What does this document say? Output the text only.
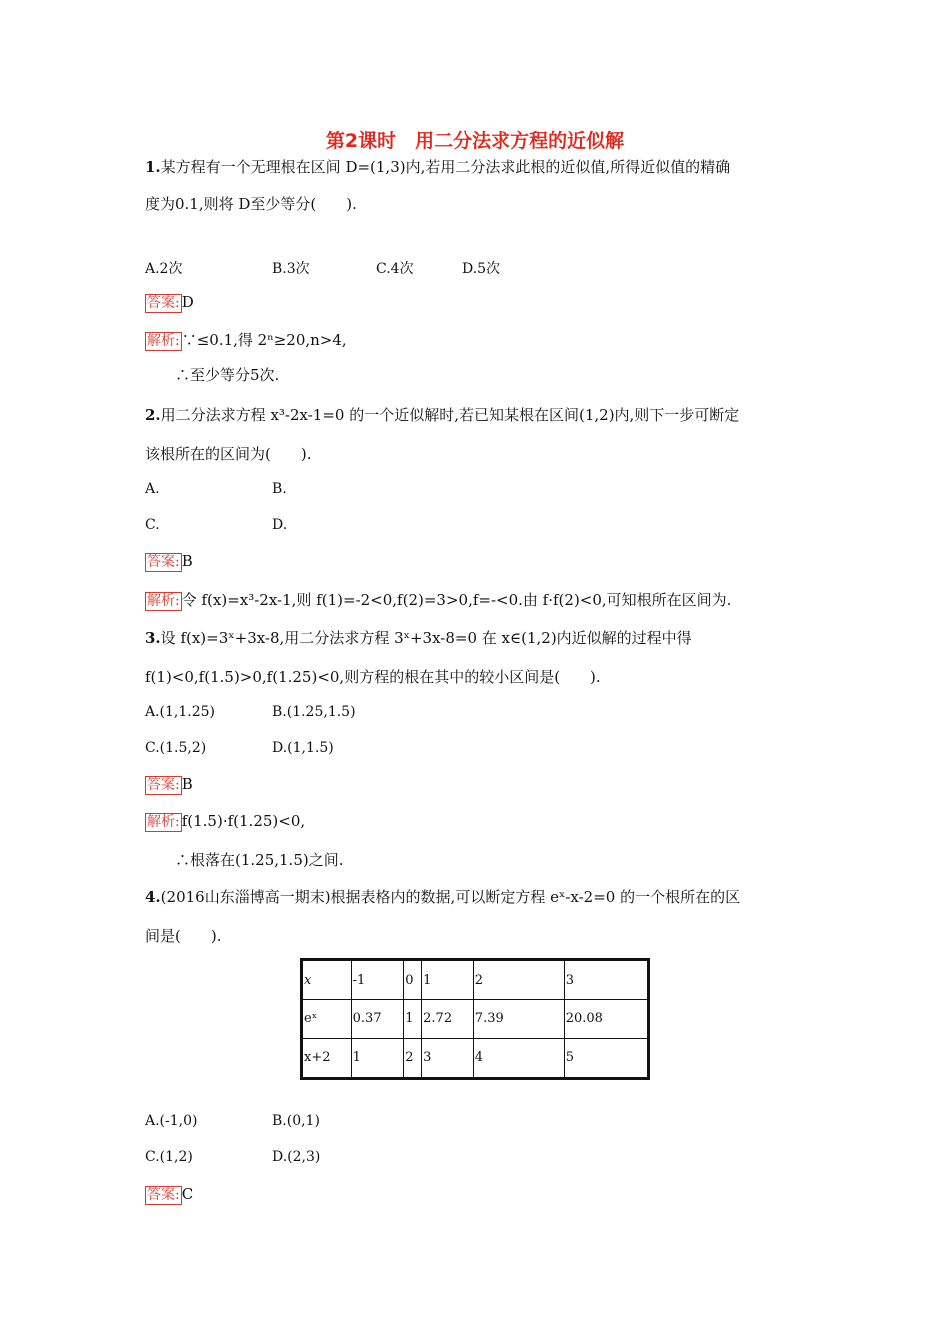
第2课时　用二分法求方程的近似解
1.某方程有一个无理根在区间 D=(1,3)内,若用二分法求此根的近似值,所得近似值的精确
度为0.1,则将 D至少等分(　　).
A.2次	B.3次	C.4次	D.5次
答案: D
解析: ∵≤0.1,得 2ⁿ≥20,n>4,
∴至少等分5次.
2.用二分法求方程 x³-2x-1=0 的一个近似解时,若已知某根在区间(1,2)内,则下一步可断定
该根所在的区间为(　　).
A.	B.
C.	D.
答案: B
解析: 令 f(x)=x³-2x-1,则 f(1)=-2<0,f(2)=3>0,f=-<0.由 f·f(2)<0,可知根所在区间为.
3.设 f(x)=3ˣ+3x-8,用二分法求方程 3ˣ+3x-8=0 在 x∈(1,2)内近似解的过程中得
f(1)<0,f(1.5)>0,f(1.25)<0,则方程的根在其中的较小区间是(　　).
A.(1,1.25)	B.(1.25,1.5)
C.(1.5,2)	D.(1,1.5)
答案: B
解析: f(1.5)·f(1.25)<0,
∴根落在(1.25,1.5)之间.
4.(2016山东淄博高一期末)根据表格内的数据,可以断定方程 eˣ-x-2=0 的一个根所在的区
间是(　　).
x	-1	0	1	2	3
eˣ	0.37	1	2.72	7.39	20.08
x+2	1	2	3	4	5
A.(-1,0)	B.(0,1)
C.(1,2)	D.(2,3)
答案: C
